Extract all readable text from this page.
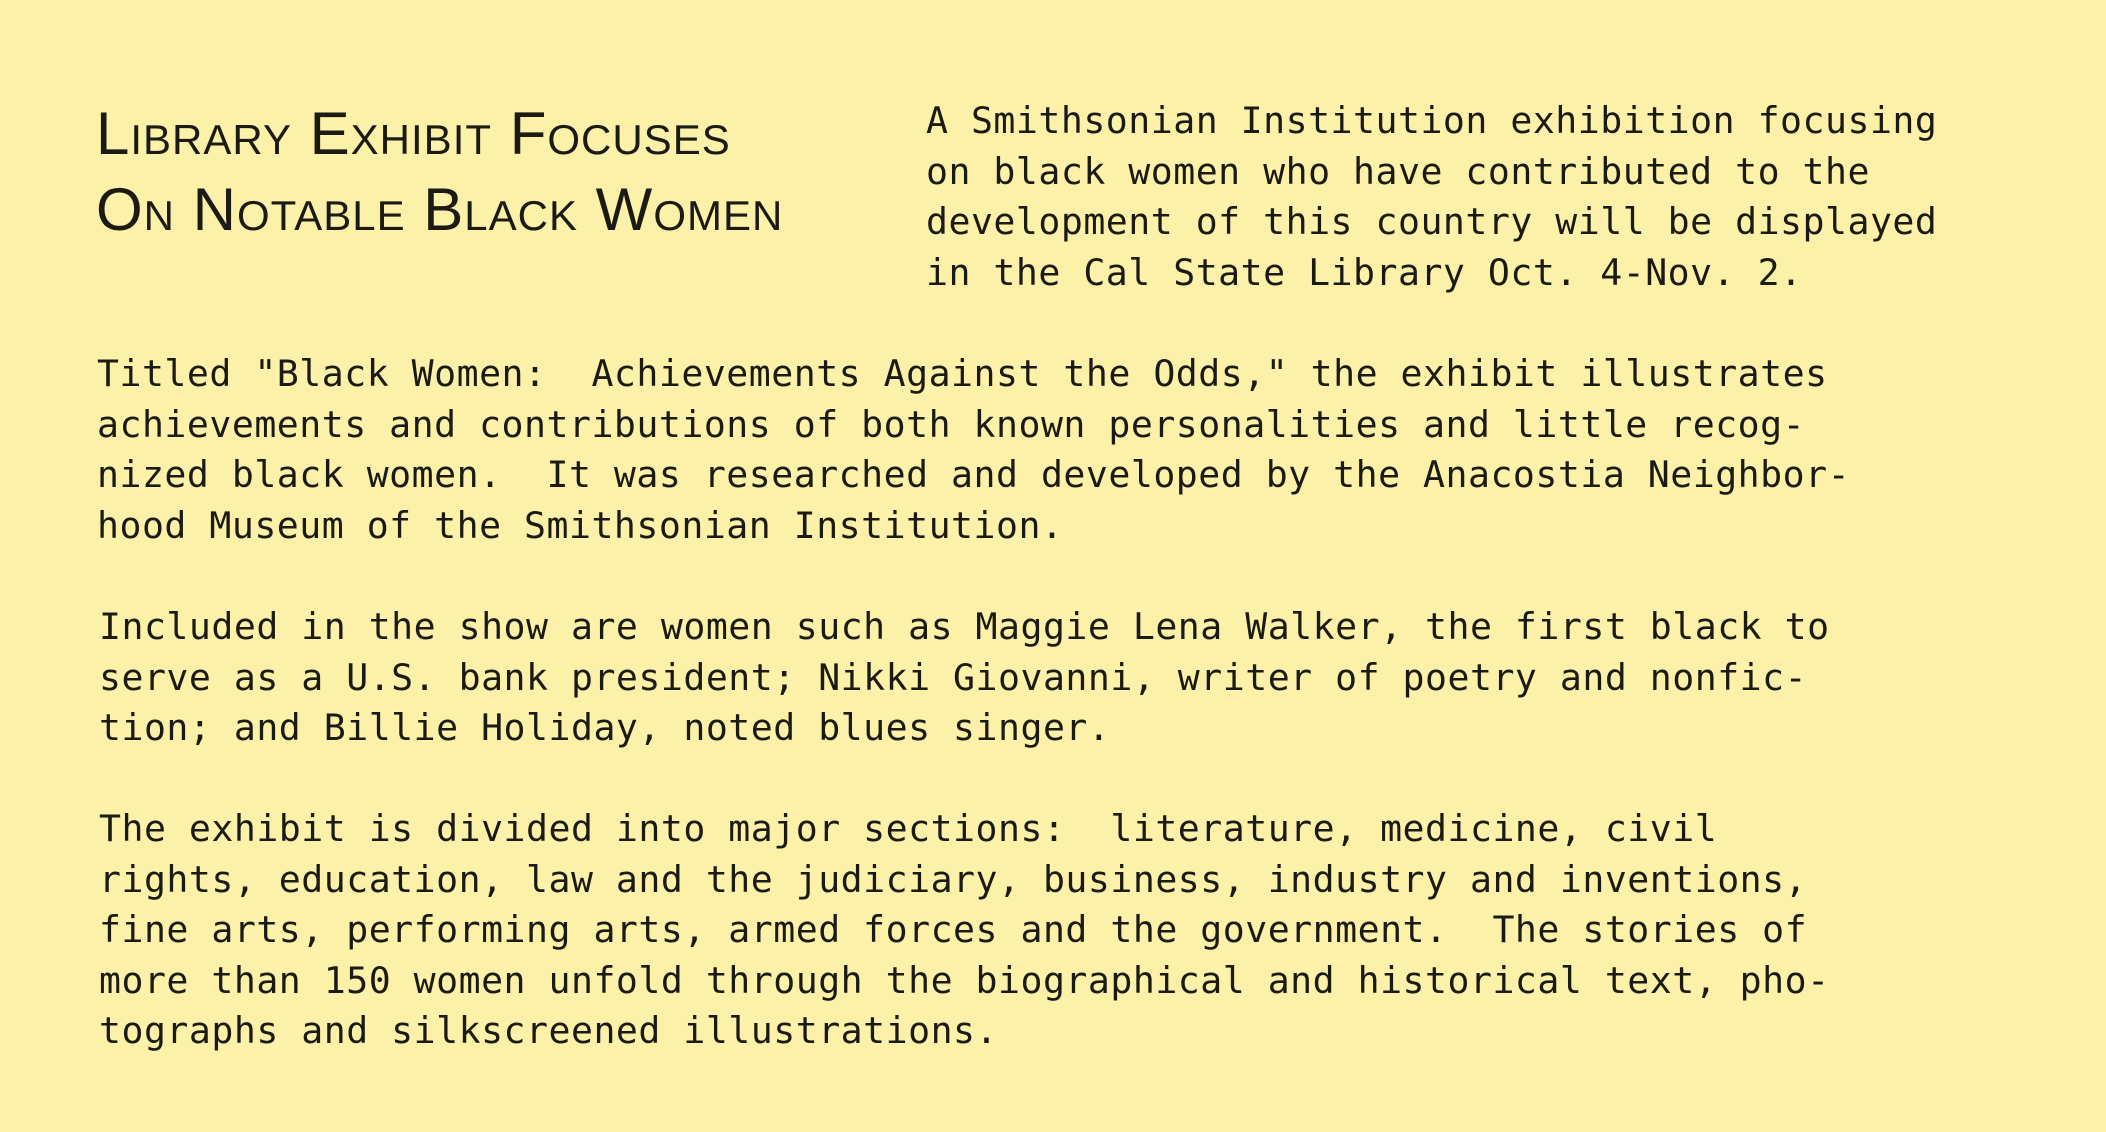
Library Exhibit Focuses
On Notable Black Women

A Smithsonian Institution exhibition focusing
on black women who have contributed to the
development of this country will be displayed
in the Cal State Library Oct. 4-Nov. 2.

Titled "Black Women:  Achievements Against the Odds," the exhibit illustrates
achievements and contributions of both known personalities and little recog-
nized black women.  It was researched and developed by the Anacostia Neighbor-
hood Museum of the Smithsonian Institution.

Included in the show are women such as Maggie Lena Walker, the first black to
serve as a U.S. bank president; Nikki Giovanni, writer of poetry and nonfic-
tion; and Billie Holiday, noted blues singer.

The exhibit is divided into major sections:  literature, medicine, civil
rights, education, law and the judiciary, business, industry and inventions,
fine arts, performing arts, armed forces and the government.  The stories of
more than 150 women unfold through the biographical and historical text, pho-
tographs and silkscreened illustrations.
